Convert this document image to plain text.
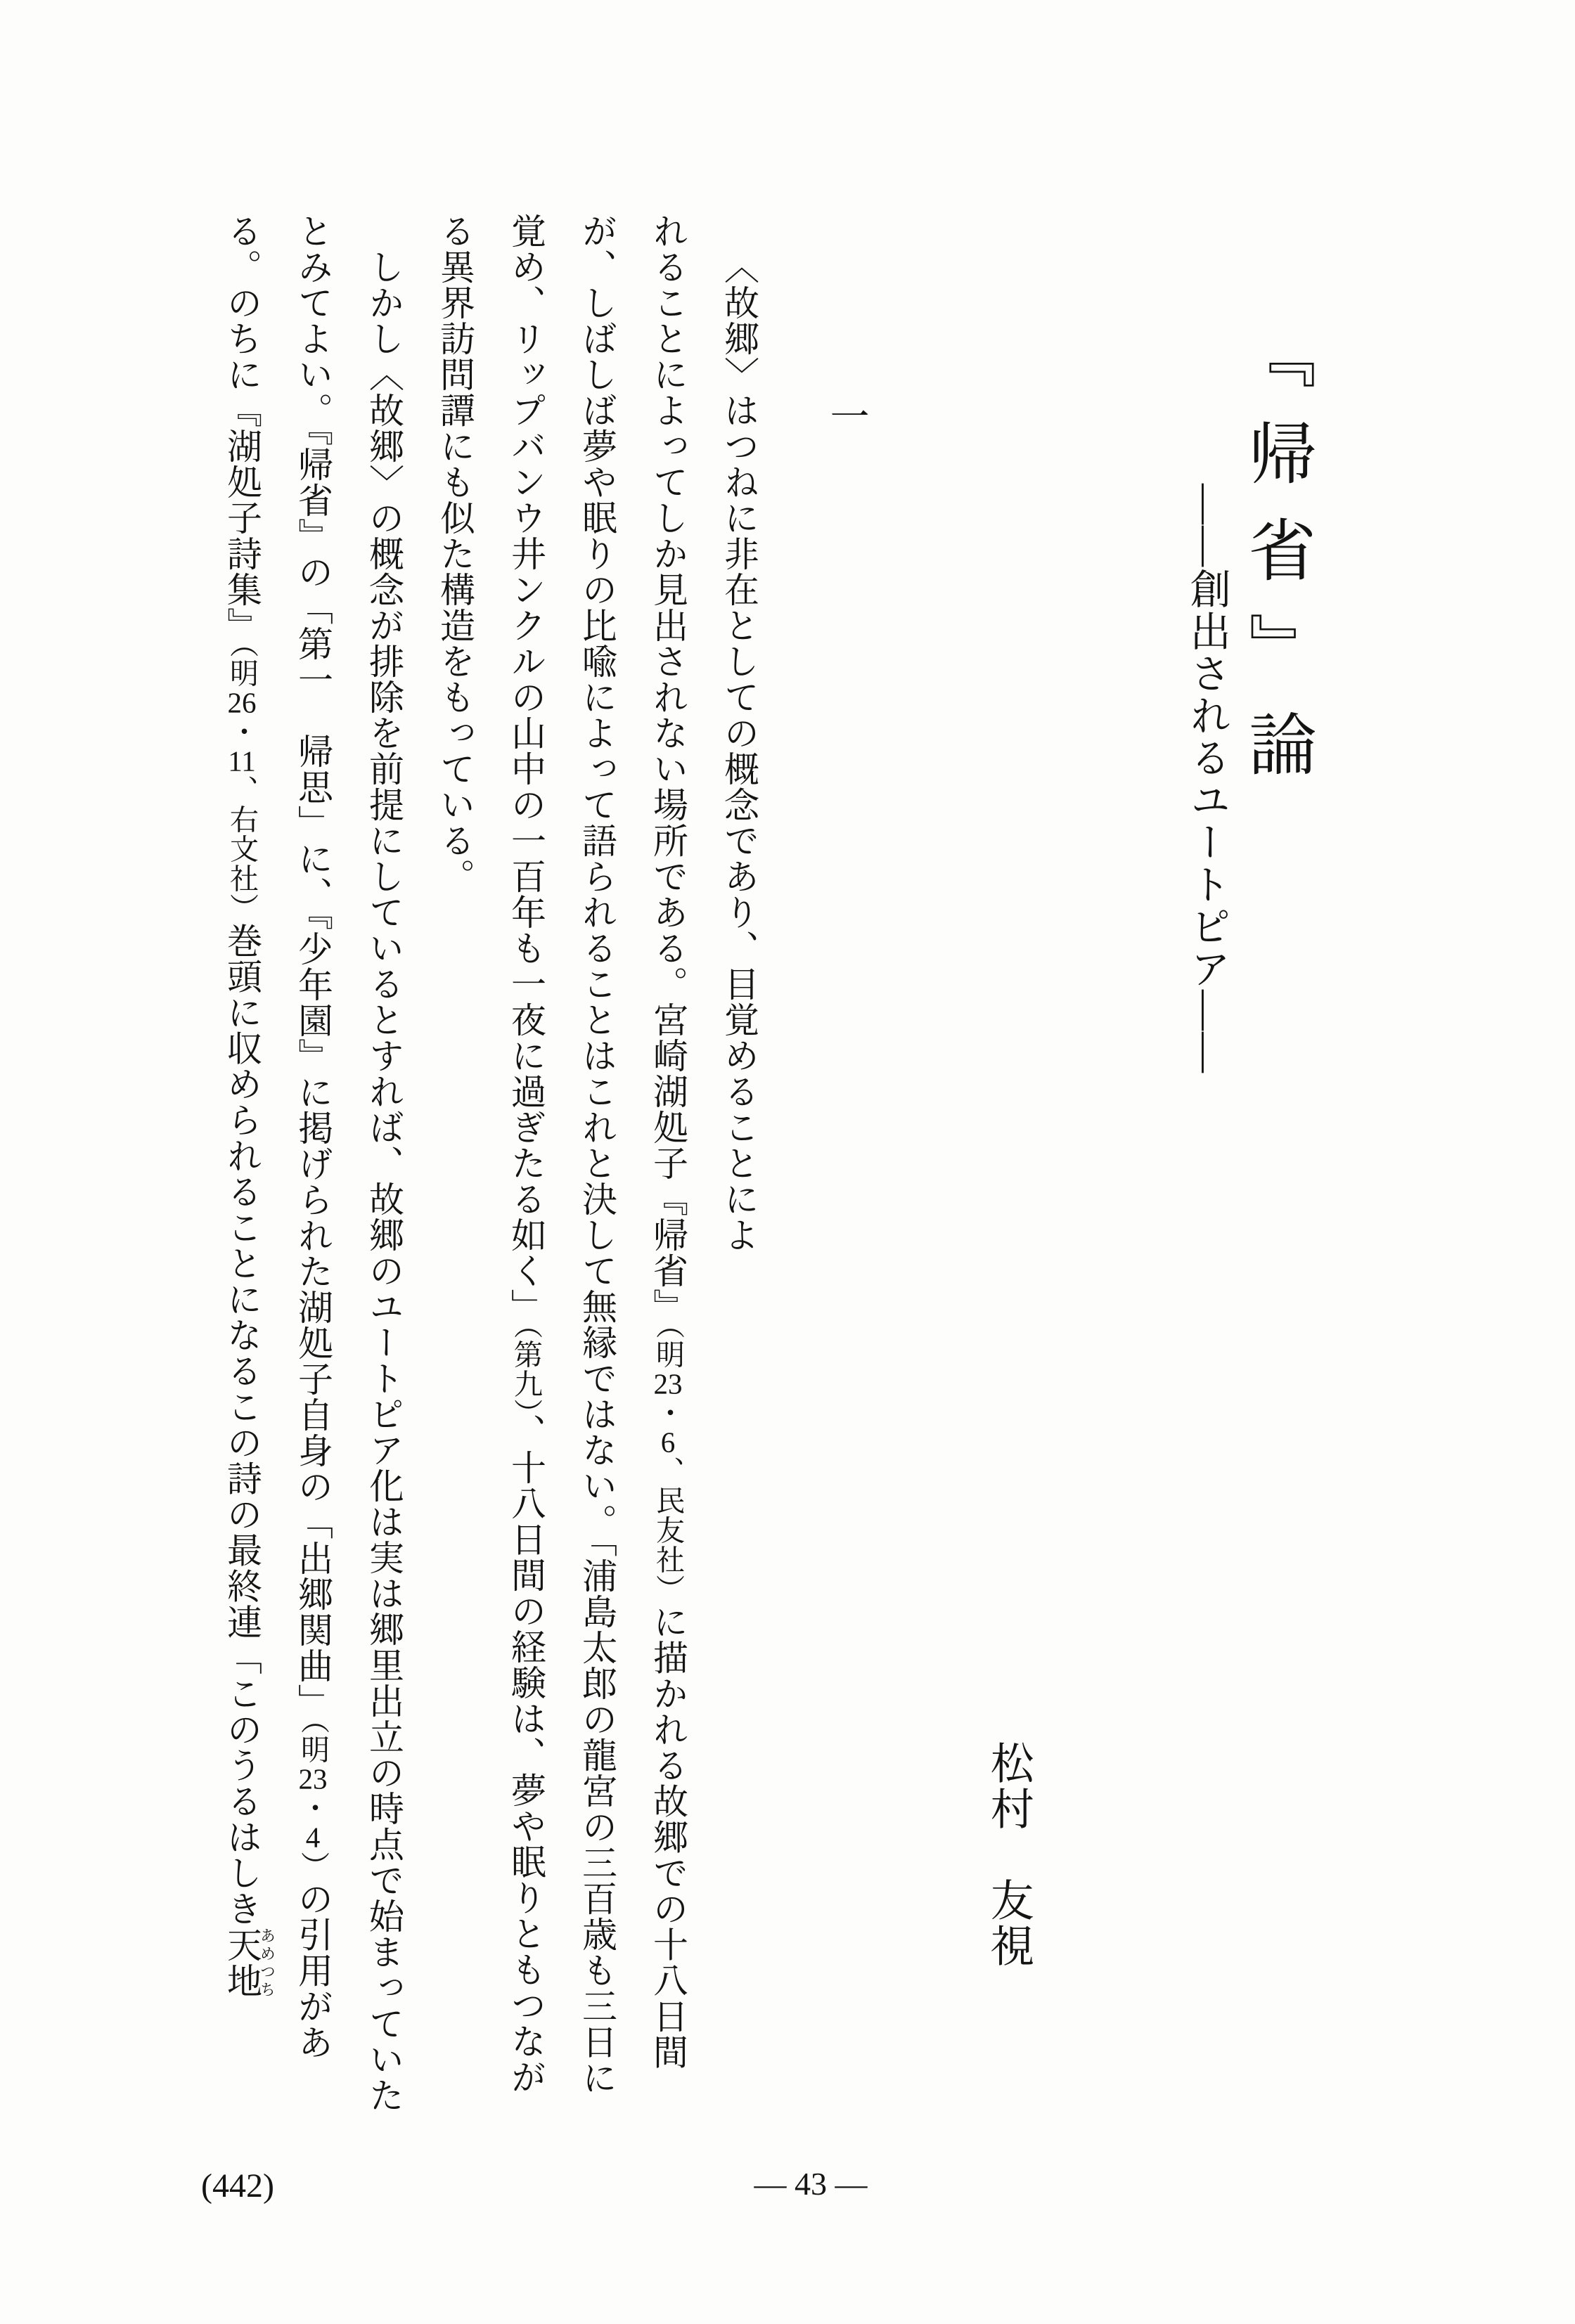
『帰省』論
――創出されるユートピア――
松村　友視
一
〈故郷〉はつねに非在としての概念であり、目覚めることによ
れることによってしか見出されない場所である。宮崎湖処子『帰省』（明23・6、民友社）に描かれる故郷での十八日間
が、しばしば夢や眠りの比喩によって語られることはこれと決して無縁ではない。「浦島太郎の龍宮の三百歳も三日に
覚め、リップバンウ井ンクルの山中の一百年も一夜に過ぎたる如く」（第九）、十八日間の経験は、夢や眠りともつなが
る異界訪問譚にも似た構造をもっている。
しかし〈故郷〉の概念が排除を前提にしているとすれば、故郷のユートピア化は実は郷里出立の時点で始まっていた
とみてよい。『帰省』の「第一　帰思」に、『少年園』に掲げられた湖処子自身の「出郷関曲」（明23・4）の引用があ
る。のちに『湖処子詩集』（明26・11、右文社）巻頭に収められることになるこの詩の最終連「このうるはしき天地あめつち
— 43 —
(442)
